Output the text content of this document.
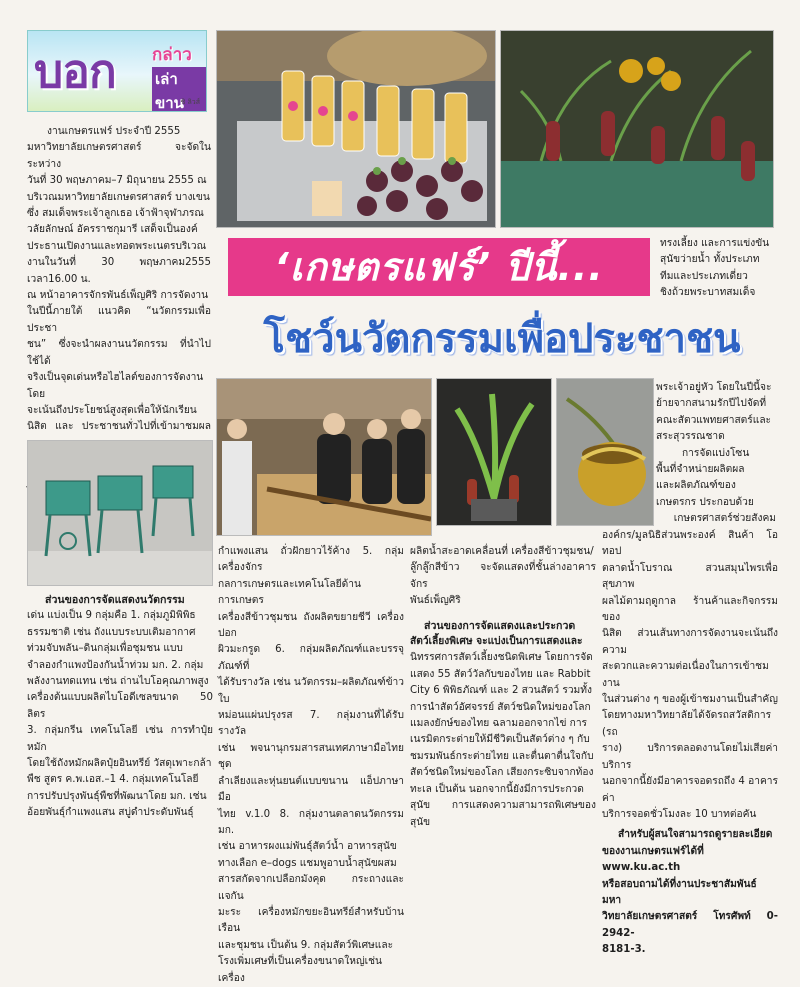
บอก กล่าว
เล่าขาน
ชิ ลิวส์
‘เกษตรแฟร์’ ปีนี้...
โชว์นวัตกรรมเพื่อประชาชน

ทรงเลี้ยง และการแข่งขัน

สุนัขว่ายน้ำ ทั้งประเภท

ทีมและประเภทเดี่ยว

ชิงถ้วยพระบาทสมเด็จ

งานเกษตรแฟร์ ประจำปี 2555

มหาวิทยาลัยเกษตรศาสตร์ จะจัดในระหว่าง

วันที่ 30 พฤษภาคม–7 มิถุนายน 2555 ณ

บริเวณมหาวิทยาลัยเกษตรศาสตร์ บางเขน

ซึ่ง สมเด็จพระเจ้าลูกเธอ เจ้าฟ้าจุฬาภรณ

วลัยลักษณ์ อัครราชกุมารี เสด็จเป็นองค์

ประธานเปิดงานและทอดพระเนตรบริเวณ

งานในวันที่ 30 พฤษภาคม2555 เวลา16.00 น.

ณ หน้าอาคารจักรพันธ์เพ็ญศิริ การจัดงาน

ในปีนี้ภายใต้ แนวคิด “นวัตกรรมเพื่อประชา

ชน” ซึ่งจะนำผลงานนวัตกรรม ที่นำไปใช้ได้

จริงเป็นจุดเด่นหรือไฮไลต์ของการจัดงาน โดย

จะเน้นถึงประโยชน์สูงสุดเพื่อให้นักเรียน

นิสิต และ ประชาชนทั่วไปที่เข้ามาชมผล

พระเจ้าอยู่หัว โดยในปีนี้จะ

ย้ายจากสนามรักปีไปจัดที่

คณะสัตวแพทยศาสตร์และ

สระสุวรรณชาด

การจัดแบ่งโซน

พื้นที่จำหน่ายผลิตผล

และผลิตภัณฑ์ของ

เกษตรกร ประกอบด้วย

เกษตรศาสตร์ช่วยสังคม

ส่วนของการจัดแสดงนวัตกรรม

เด่น แบ่งเป็น 9 กลุ่มคือ 1. กลุ่มภูมิพิพิธ

ธรรมชาติ เช่น ถังแบบระบบเติมอากาศ

ท่วมจับพลัน–ดินกลุ่มเพื่อชุมชน แบบ

จำลองกำแพงป้องกันน้ำท่วม มก. 2. กลุ่ม

พลังงานทดแทน เช่น ถ่านไบโอคุณภาพสูง

เครื่องต้นแบบผลิตไบโอดีเซลขนาด 50 ลิตร

3. กลุ่มกรีน เทคโนโลยี เช่น การทำปุ๋ยหมัก

โดยใช้ถังหมักผลิตปุ๋ยอินทรีย์ วัสดุเพาะกล้า

พืช สูตร ค.พ.เอส.–1 4. กลุ่มเทคโนโลยี

การปรับปรุงพันธุ์พืชที่พัฒนาโดย มก. เช่น

อ้อยพันธุ์กำแพงแสน สบู่ดำประดับพันธุ์

กำแพงแสน ถั่วฝักยาวไร้ค้าง 5. กลุ่มเครื่องจักร

กลการเกษตรและเทคโนโลยีด้านการเกษตร

เครื่องสีข้าวชุมชน ถังผลิตขยายชีวี เครื่องปอก

ผิวมะกรูด 6. กลุ่มผลิตภัณฑ์และบรรจุภัณฑ์ที่

ได้รับรางวัล เช่น นวัตกรรม–ผลิตภัณฑ์ข้าว ใบ

หม่อนแผ่นปรุงรส 7. กลุ่มงานที่ได้รับรางวัล

เช่น พจนานุกรมสารสนเทศภาษามือไทย ชุด

ลำเลียงและหุ่นยนต์แบบขนาน แอ็ปภาษามือ

ไทย v.1.0 8. กลุ่มงานตลาดนวัตกรรม มก.

เช่น อาหารผงแม่พันธุ์สัตว์น้ำ อาหารสุนัข

ทางเลือก e–dogs แชมพูอาบน้ำสุนัขผสม

สารสกัดจากเปลือกมังคุด กระถางและแจกัน

มะระ เครื่องหมักขยะอินทรีย์สำหรับบ้านเรือน

และชุมชน เป็นต้น 9. กลุ่มสัตว์พิเศษและ

โรงเพิ่มเศษที่เป็นเครื่องขนาดใหญ่เช่น เครื่อง

ผลิตน้ำสะอาดเคลื่อนที่ เครื่องสีข้าวชุมชน/

ลู๊กลู๊กสีข้าว จะจัดแสดงที่ชั้นล่างอาคารจักร

พันธ์เพ็ญศิริ

ส่วนของการจัดแสดงและประกวด

สัตว์เลี้ยงพิเศษ จะแบ่งเป็นการแสดงและ

นิทรรศการสัตว์เลี้ยงชนิดพิเศษ โดยการจัด

แสดง 55 สัตว์วัลกับของไทย และ Rabbit

City 6 พิพิธภัณฑ์ และ 2 สวนสัตว์ รวมทั้ง

การนำสัตว์อัศจรรย์ สัตว์ชนิดใหม่ของโลก

แมลงยักษ์ของไทย ฉลามออกจากไข่ การ

เนรมิตกระต่ายให้มีชีวิตเป็นสัตว์ต่าง ๆ กับ

ชมรมพันธ์กระต่ายไทย และตื่นตาตื่นใจกับ

สัตว์ชนิดใหม่ของโลก เสียงกระซิบจากท้อง

ทะเล เป็นต้น นอกจากนี้ยังมีการประกวด

สุนัข การแสดงความสามารถพิเศษของสุนัข

องค์กร/มูลนิธิส่วนพระองค์ สินค้า โอทอป

ตลาดน้ำโบราณ สวนสมุนไพรเพื่อสุขภาพ

ผลไม้ตามฤดูกาล ร้านค้าและกิจกรรมของ

นิสิต ส่วนเส้นทางการจัดงานจะเน้นถึงความ

สะดวกและความต่อเนื่องในการเข้าชมงาน

ในส่วนต่าง ๆ ของผู้เข้าชมงานเป็นสำคัญ

โดยทางมหาวิทยาลัยได้จัดรถสวัสดิการ (รถ

ราง) บริการตลอดงานโดยไม่เสียค่าบริการ

นอกจากนี้ยังมีอาคารจอดรถถึง 4 อาคารค่า

บริการจอดชั่วโมงละ 10 บาทต่อคัน

สำหรับผู้สนใจสามารถดูรายละเอียด

ของงานเกษตรแฟร์ได้ที่ www.ku.ac.th

หรือสอบถามได้ที่งานประชาสัมพันธ์ มหา

วิทยาลัยเกษตรศาสตร์ โทรศัพท์ 0-2942-

8181-3.
